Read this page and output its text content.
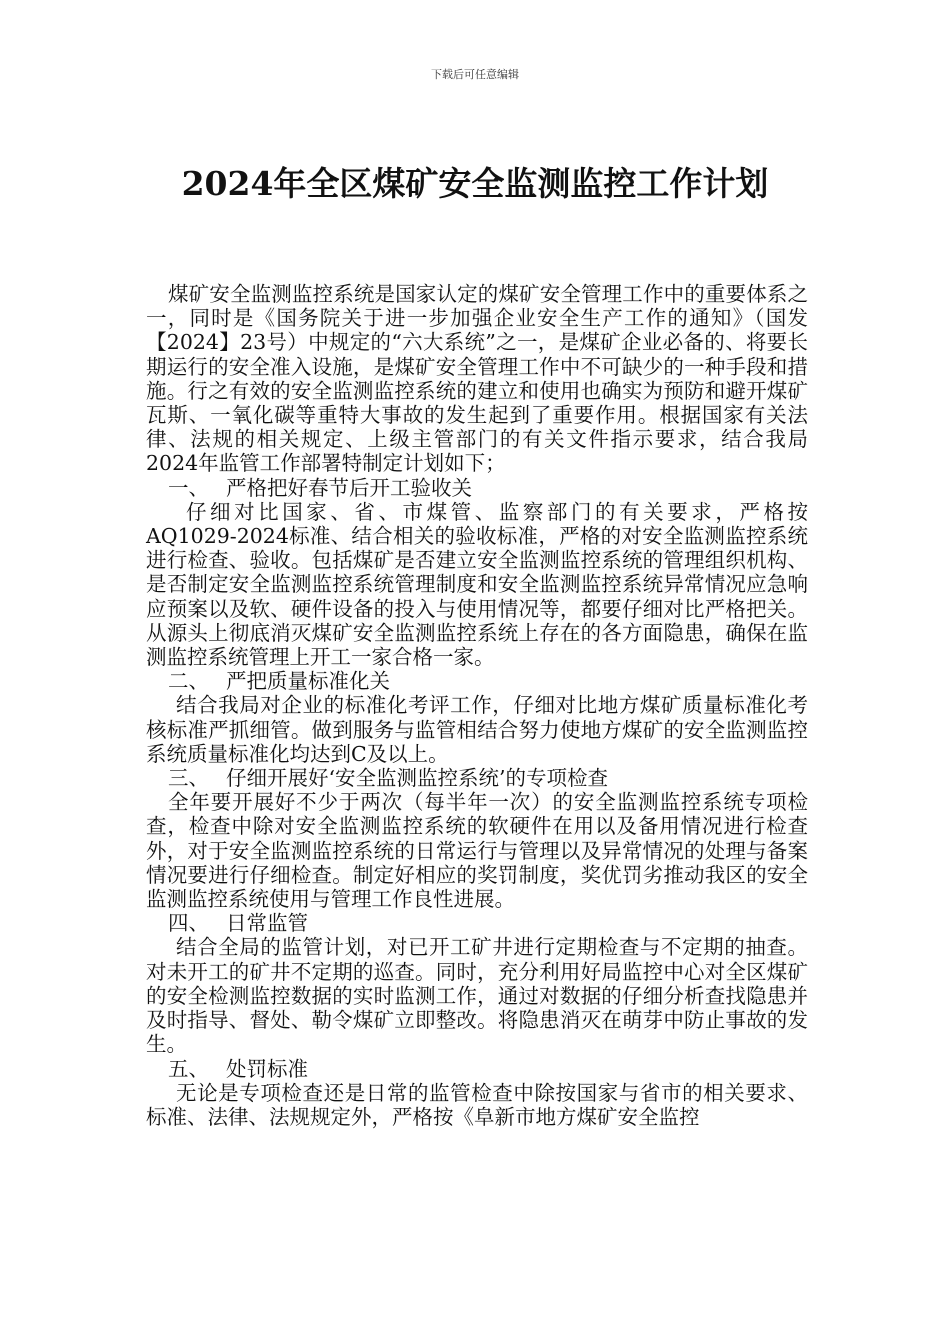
下载后可任意编辑
2024年全区煤矿安全监测监控工作计划

煤矿安全监测监控系统是国家认定的煤矿安全管理工作中的重要体系之一，同时是《国务院关于进一步加强企业安全生产工作的通知》（国发【2024】23号）中规定的“六大系统”之一，是煤矿企业必备的、将要长期运行的安全准入设施，是煤矿安全管理工作中不可缺少的一种手段和措施。行之有效的安全监测监控系统的建立和使用也确实为预防和避开煤矿瓦斯、一氧化碳等重特大事故的发生起到了重要作用。根据国家有关法律、法规的相关规定、上级主管部门的有关文件指示要求，结合我局2024年监管工作部署特制定计划如下；

一、 严格把好春节后开工验收关

仔细对比国家、省、市煤管、监察部门的有关要求，严格按AQ1029-2024标准、结合相关的验收标准，严格的对安全监测监控系统进行检查、验收。包括煤矿是否建立安全监测监控系统的管理组织机构、是否制定安全监测监控系统管理制度和安全监测监控系统异常情况应急响应预案以及软、硬件设备的投入与使用情况等，都要仔细对比严格把关。从源头上彻底消灭煤矿安全监测监控系统上存在的各方面隐患，确保在监测监控系统管理上开工一家合格一家。

二、 严把质量标准化关

结合我局对企业的标准化考评工作，仔细对比地方煤矿质量标准化考核标准严抓细管。做到服务与监管相结合努力使地方煤矿的安全监测监控系统质量标准化均达到C及以上。

三、 仔细开展好‘安全监测监控系统’的专项检查

全年要开展好不少于两次（每半年一次）的安全监测监控系统专项检查，检查中除对安全监测监控系统的软硬件在用以及备用情况进行检查外，对于安全监测监控系统的日常运行与管理以及异常情况的处理与备案情况要进行仔细检查。制定好相应的奖罚制度，奖优罚劣推动我区的安全监测监控系统使用与管理工作良性进展。

四、 日常监管

结合全局的监管计划，对已开工矿井进行定期检查与不定期的抽查。对未开工的矿井不定期的巡查。同时，充分利用好局监控中心对全区煤矿的安全检测监控数据的实时监测工作，通过对数据的仔细分析查找隐患并及时指导、督处、勒令煤矿立即整改。将隐患消灭在萌芽中防止事故的发生。

五、 处罚标准

无论是专项检查还是日常的监管检查中除按国家与省市的相关要求、标准、法律、法规规定外，严格按《阜新市地方煤矿安全监控
